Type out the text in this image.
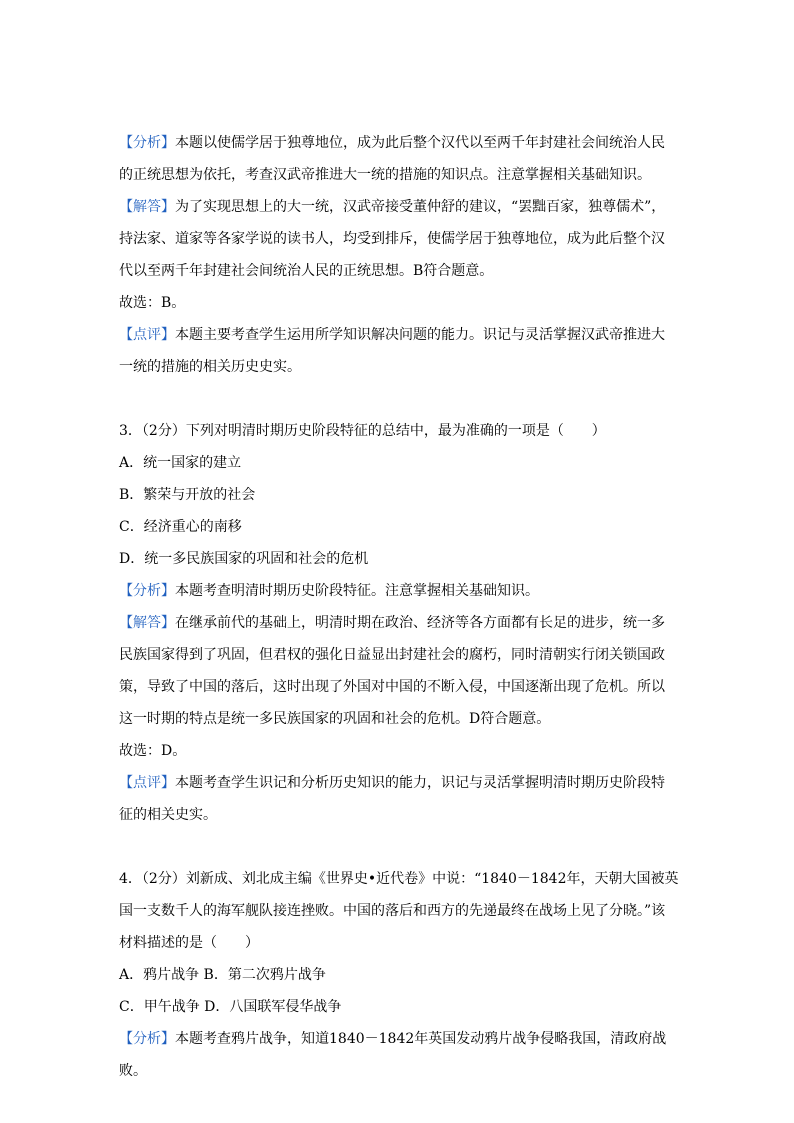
【分析】本题以使儒学居于独尊地位，成为此后整个汉代以至两千年封建社会间统治人民
的正统思想为依托，考查汉武帝推进大一统的措施的知识点。注意掌握相关基础知识。
【解答】为了实现思想上的大一统，汉武帝接受董仲舒的建议，“罢黜百家，独尊儒术”，
持法家、道家等各家学说的读书人，均受到排斥，使儒学居于独尊地位，成为此后整个汉
代以至两千年封建社会间统治人民的正统思想。B符合题意。
故选：B。
【点评】本题主要考查学生运用所学知识解决问题的能力。识记与灵活掌握汉武帝推进大
一统的措施的相关历史史实。
3．（2分）下列对明清时期历史阶段特征的总结中，最为准确的一项是（　　）
A．统一国家的建立
B．繁荣与开放的社会
C．经济重心的南移
D．统一多民族国家的巩固和社会的危机
【分析】本题考查明清时期历史阶段特征。注意掌握相关基础知识。
【解答】在继承前代的基础上，明清时期在政治、经济等各方面都有长足的进步，统一多
民族国家得到了巩固，但君权的强化日益显出封建社会的腐朽，同时清朝实行闭关锁国政
策，导致了中国的落后，这时出现了外国对中国的不断入侵，中国逐渐出现了危机。所以
这一时期的特点是统一多民族国家的巩固和社会的危机。D符合题意。
故选：D。
【点评】本题考查学生识记和分析历史知识的能力，识记与灵活掌握明清时期历史阶段特
征的相关史实。
4．（2分）刘新成、刘北成主编《世界史•近代卷》中说：“1840－1842年，天朝大国被英
国一支数千人的海军舰队接连挫败。中国的落后和西方的先递最终在战场上见了分晓。”该
材料描述的是（　　）
A．鸦片战争 B．第二次鸦片战争
C．甲午战争 D．八国联军侵华战争
【分析】本题考查鸦片战争，知道1840－1842年英国发动鸦片战争侵略我国，清政府战
败。
